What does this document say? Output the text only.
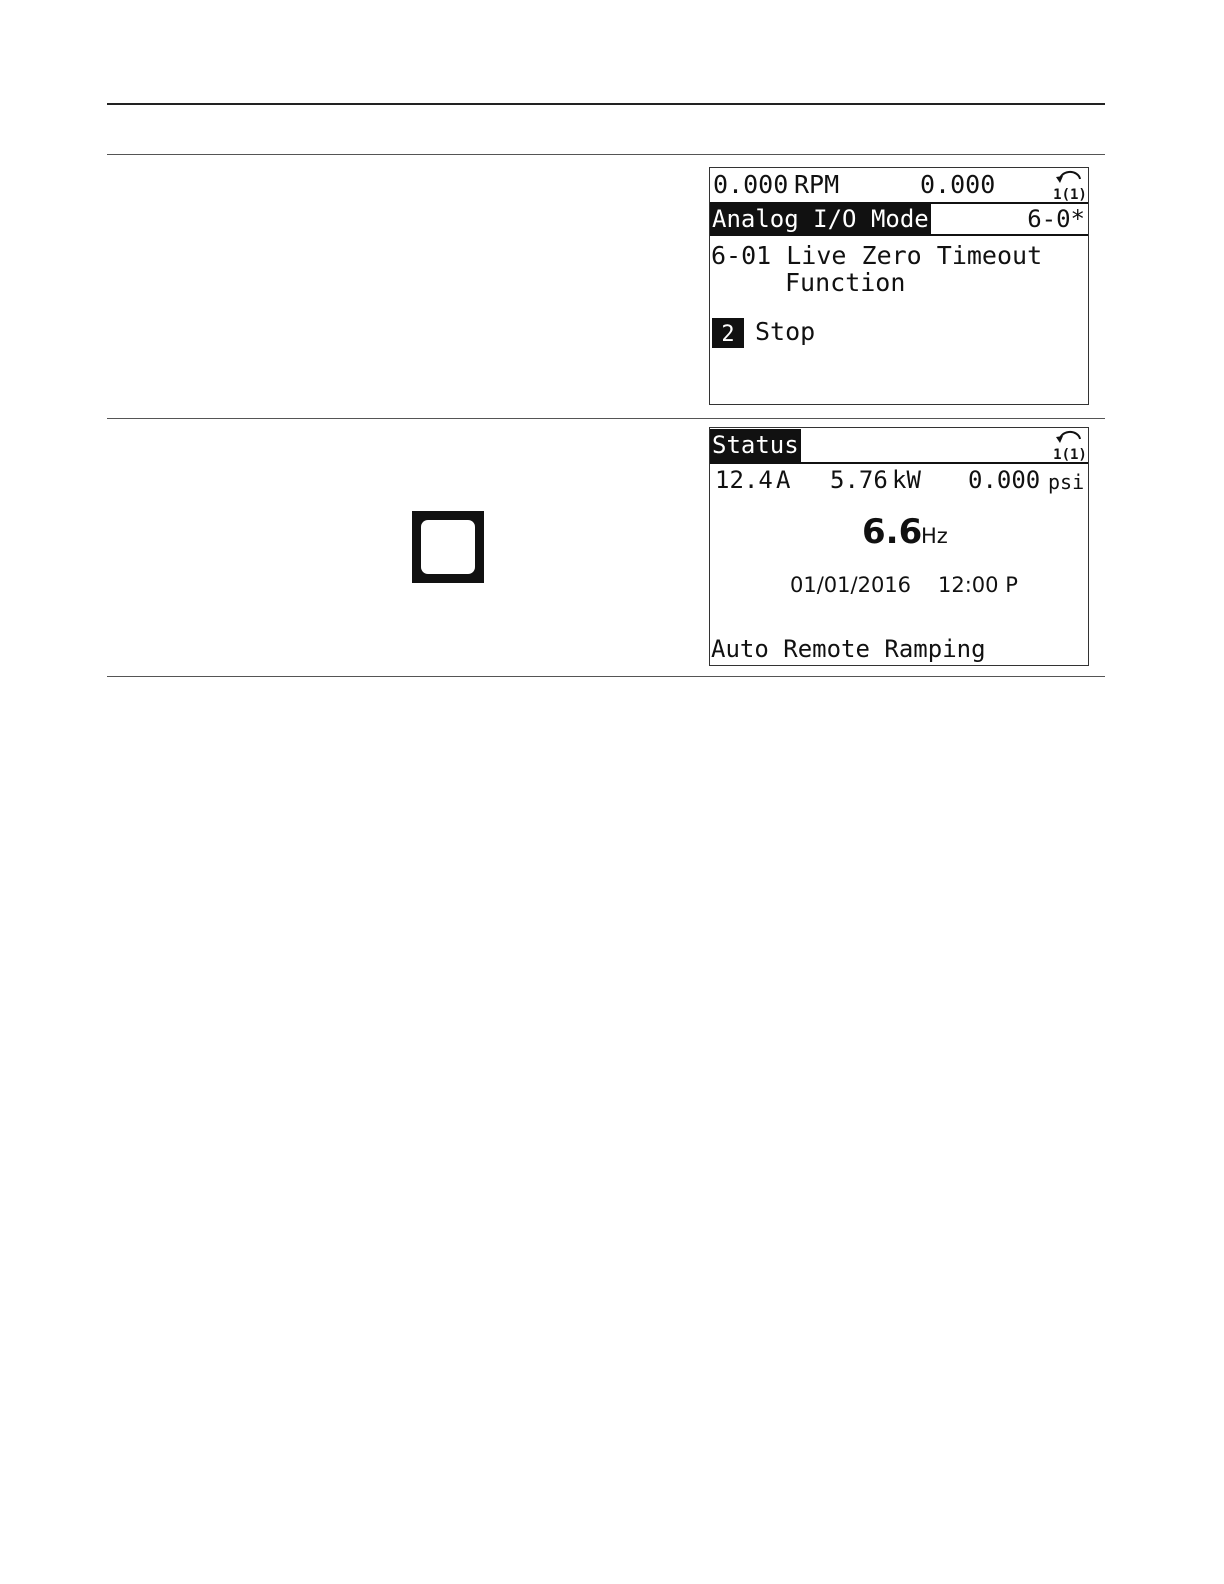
0.000 RPM	0.000	1(1)
Analog I/O Mode	6-0*
6-01 Live Zero Timeout
Function
2 Stop
Status	1(1)
12.4 A 5.76 kW 0.000 psi
6.6
Hz
01/01/2016 12:00 P
Auto Remote Ramping
